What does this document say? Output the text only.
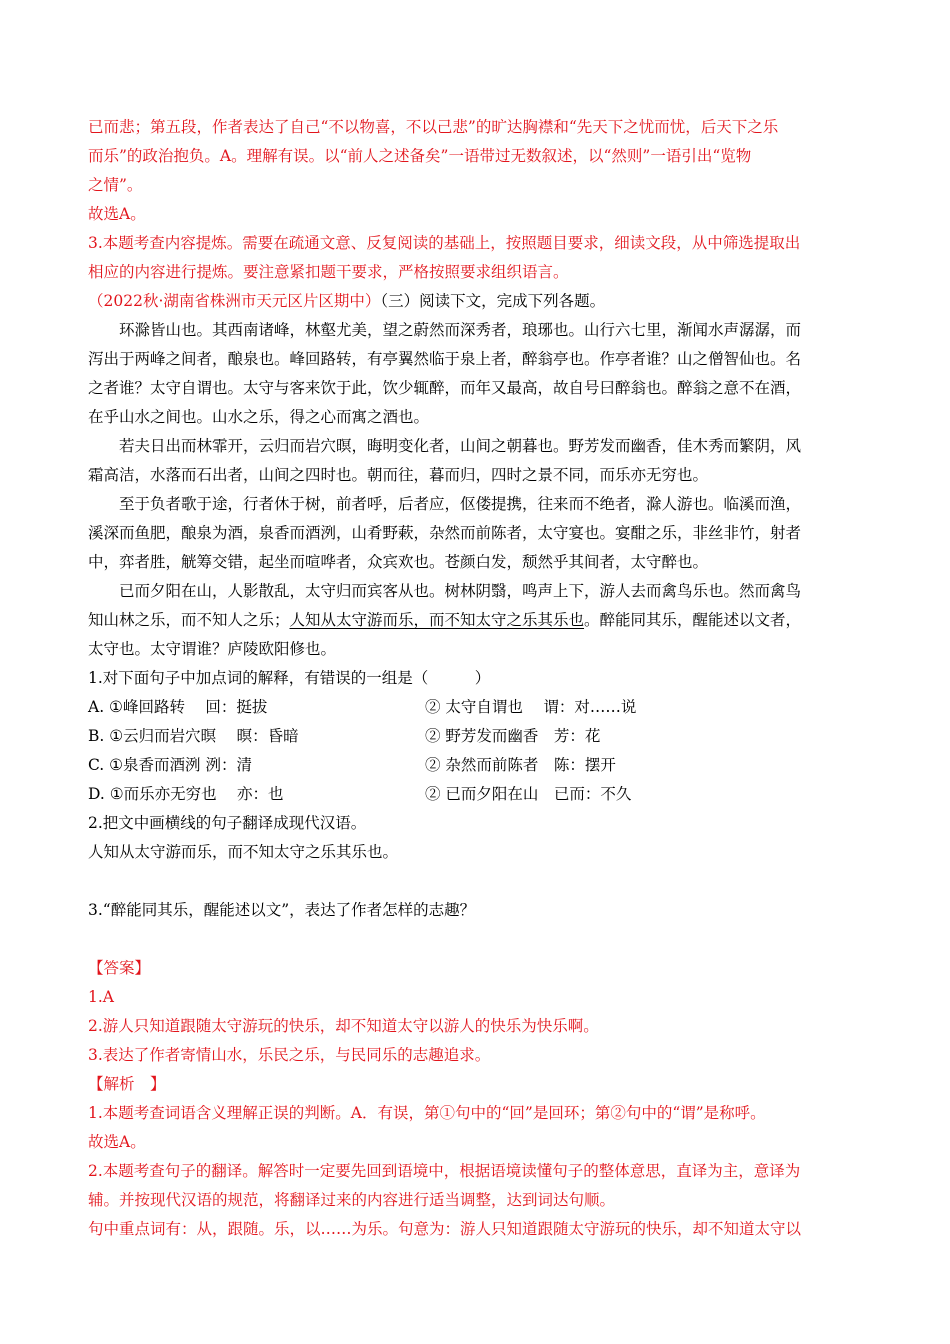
已而悲；第五段，作者表达了自己“不以物喜，不以己悲”的旷达胸襟和“先天下之忧而忧，后天下之乐
而乐”的政治抱负。A。理解有误。以“前人之述备矣”一语带过无数叙述，以“然则”一语引出“览物
之情”。
故选A。
3.本题考查内容提炼。需要在疏通文意、反复阅读的基础上，按照题目要求，细读文段，从中筛选提取出
相应的内容进行提炼。要注意紧扣题干要求，严格按照要求组织语言。
（2022秋·湖南省株洲市天元区片区期中）（三）阅读下文，完成下列各题。
环滁皆山也。其西南诸峰，林壑尤美，望之蔚然而深秀者，琅琊也。山行六七里，渐闻水声潺潺，而
泻出于两峰之间者，酿泉也。峰回路转，有亭翼然临于泉上者，醉翁亭也。作亭者谁？山之僧智仙也。名
之者谁？太守自谓也。太守与客来饮于此，饮少辄醉，而年又最高，故自号曰醉翁也。醉翁之意不在酒，
在乎山水之间也。山水之乐，得之心而寓之酒也。
若夫日出而林霏开，云归而岩穴暝，晦明变化者，山间之朝暮也。野芳发而幽香，佳木秀而繁阴，风
霜高洁，水落而石出者，山间之四时也。朝而往，暮而归，四时之景不同，而乐亦无穷也。
至于负者歌于途，行者休于树，前者呼，后者应，伛偻提携，往来而不绝者，滁人游也。临溪而渔，
溪深而鱼肥，酿泉为酒，泉香而酒洌，山肴野蔌，杂然而前陈者，太守宴也。宴酣之乐，非丝非竹，射者
中，弈者胜，觥筹交错，起坐而喧哗者，众宾欢也。苍颜白发，颓然乎其间者，太守醉也。
已而夕阳在山，人影散乱，太守归而宾客从也。树林阴翳，鸣声上下，游人去而禽鸟乐也。然而禽鸟
知山林之乐，而不知人之乐；人知从太守游而乐，而不知太守之乐其乐也。醉能同其乐，醒能述以文者，
太守也。太守谓谁？庐陵欧阳修也。
1.对下面句子中加点词的解释，有错误的一组是（　　　）
A. ①峰回路转　 回：挺拔	② 太守自谓也　 谓：对……说
B. ①云归而岩穴暝　 暝：昏暗	② 野芳发而幽香　芳：花
C. ①泉香而酒洌 洌：清	② 杂然而前陈者　陈：摆开
D. ①而乐亦无穷也　 亦：也	② 已而夕阳在山　已而：不久
2.把文中画横线的句子翻译成现代汉语。
人知从太守游而乐，而不知太守之乐其乐也。
3.“醉能同其乐，醒能述以文”，表达了作者怎样的志趣？
【答案】
1.A
2.游人只知道跟随太守游玩的快乐，却不知道太守以游人的快乐为快乐啊。
3.表达了作者寄情山水，乐民之乐，与民同乐的志趣追求。
【解析　】
1.本题考查词语含义理解正误的判断。A．有误，第①句中的“回”是回环；第②句中的“谓”是称呼。
故选A。
2.本题考查句子的翻译。解答时一定要先回到语境中，根据语境读懂句子的整体意思，直译为主，意译为
辅。并按现代汉语的规范，将翻译过来的内容进行适当调整，达到词达句顺。
句中重点词有：从，跟随。乐，以……为乐。句意为：游人只知道跟随太守游玩的快乐，却不知道太守以
